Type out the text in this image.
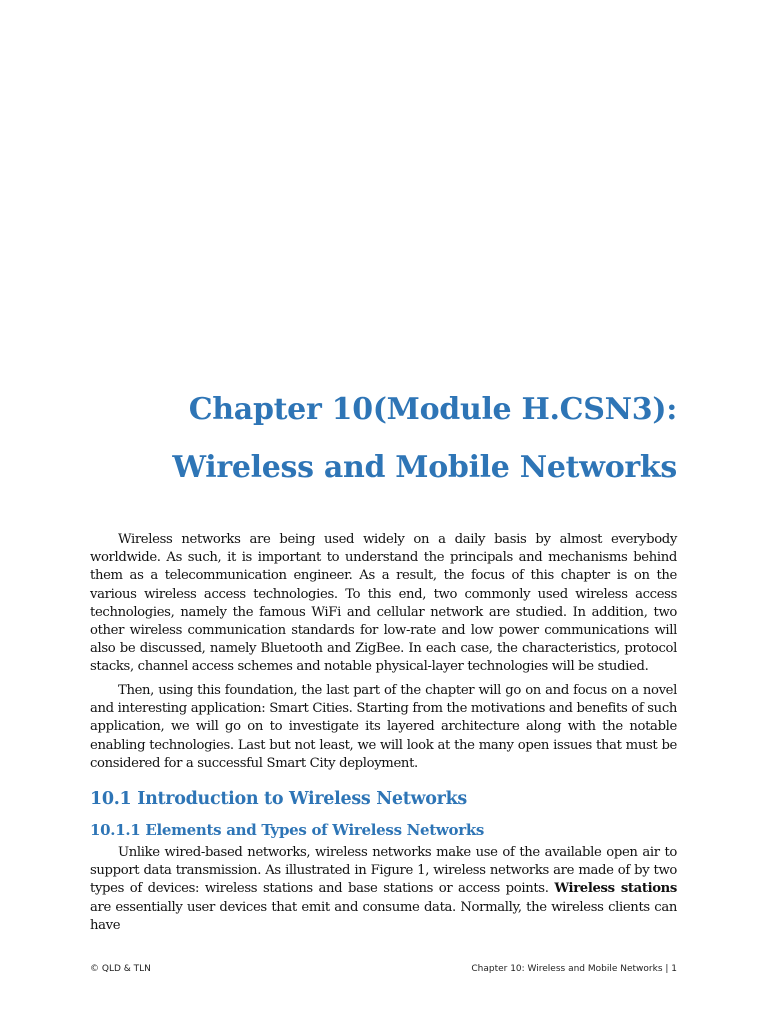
Chapter 10(Module H.CSN3):
Wireless and Mobile Networks

Wireless networks are being used widely on a daily basis by almost everybody worldwide. As such, it is important to understand the principals and mechanisms behind them as a telecommunication engineer. As a result, the focus of this chapter is on the various wireless access technologies. To this end, two commonly used wireless access technologies, namely the famous WiFi and cellular network are studied. In addition, two other wireless communication standards for low-rate and low power communications will also be discussed, namely Bluetooth and ZigBee. In each case, the characteristics, protocol stacks, channel access schemes and notable physical-layer technologies will be studied.

Then, using this foundation, the last part of the chapter will go on and focus on a novel and interesting application: Smart Cities. Starting from the motivations and benefits of such application, we will go on to investigate its layered architecture along with the notable enabling technologies. Last but not least, we will look at the many open issues that must be considered for a successful Smart City deployment.

10.1 Introduction to Wireless Networks
10.1.1 Elements and Types of Wireless Networks

Unlike wired-based networks, wireless networks make use of the available open air to support data transmission. As illustrated in Figure 1, wireless networks are made of by two types of devices: wireless stations and base stations or access points. Wireless stations are essentially user devices that emit and consume data. Normally, the wireless clients can have

© QLD & TLN	Chapter 10: Wireless and Mobile Networks | 1
